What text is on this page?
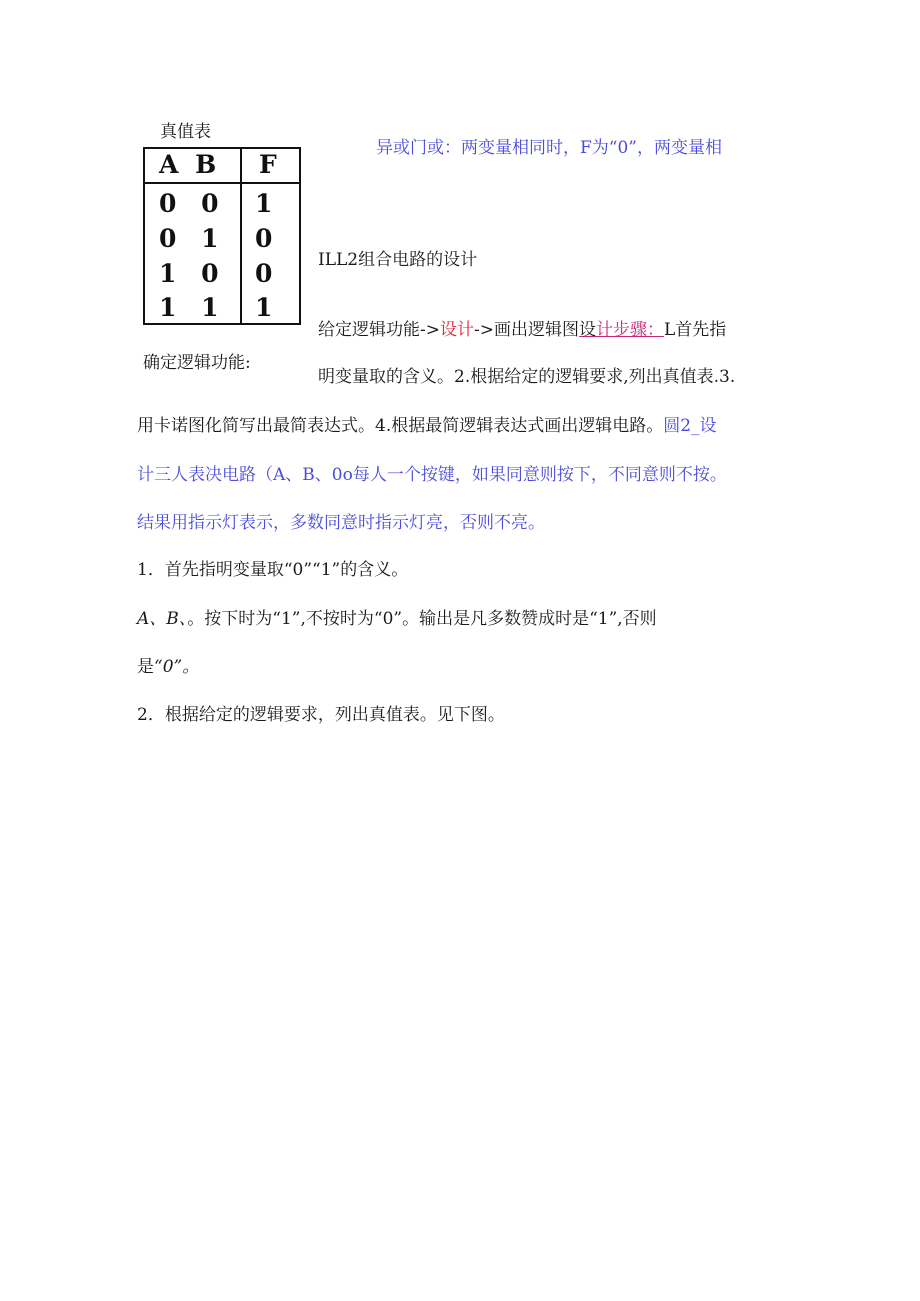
真值表
A B F
0 0 1
0 1 0
1 0 0
1 1 1
异或门或：两变量相同时，F为“0”，两变量相
ILL2组合电路的设计
给定逻辑功能->设计->画出逻辑图设计步骤：L首先指
确定逻辑功能:
明变量取的含义。2.根据给定的逻辑要求,列出真值表.3.
用卡诺图化简写出最简表达式。4.根据最简逻辑表达式画出逻辑电路。圆2_设
计三人表决电路（A、B、0o每人一个按键，如果同意则按下，不同意则不按。
结果用指示灯表示，多数同意时指示灯亮，否则不亮。
1．首先指明变量取“0”“1”的含义。
A、B、。按下时为“1”,不按时为“0”。输出是凡多数赞成时是“1”,否则
是“0”。
2．根据给定的逻辑要求，列出真值表。见下图。
